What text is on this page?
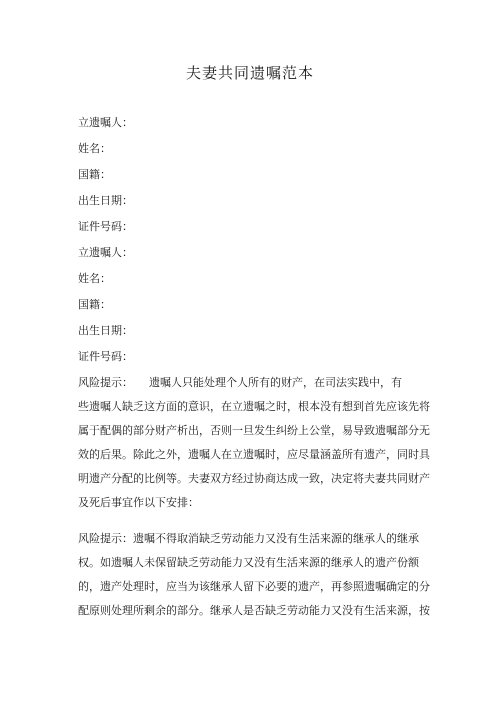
夫妻共同遗嘱范本
立遗嘱人：
姓名：
国籍：
出生日期：
证件号码：
立遗嘱人：
姓名：
国籍：
出生日期：
证件号码：
风险提示： 遗嘱人只能处理个人所有的财产，在司法实践中，有
些遗嘱人缺乏这方面的意识，在立遗嘱之时，根本没有想到首先应该先将
属于配偶的部分财产析出，否则一旦发生纠纷上公堂，易导致遗嘱部分无
效的后果。除此之外，遗嘱人在立遗嘱时，应尽量涵盖所有遗产，同时具
明遗产分配的比例等。夫妻双方经过协商达成一致，决定将夫妻共同财产
及死后事宜作以下安排：
风险提示：遗嘱不得取消缺乏劳动能力又没有生活来源的继承人的继承
权。如遗嘱人未保留缺乏劳动能力又没有生活来源的继承人的遗产份额
的，遗产处理时，应当为该继承人留下必要的遗产，再参照遗嘱确定的分
配原则处理所剩余的部分。继承人是否缺乏劳动能力又没有生活来源，按
